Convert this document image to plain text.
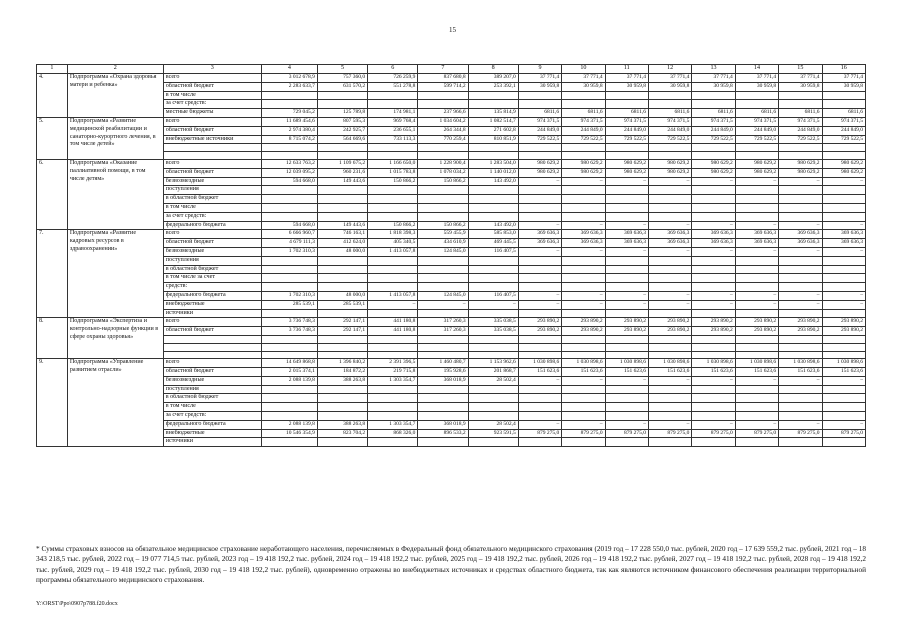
15
1	2	3	4	5	6	7	8	9	10	11	12	13	14	15	16
4.	Подпрограмма «Охрана здоровья матери и ребенка»	всего	3 012 678,9	757 360,0	726 259,9	837 680,8	389 207,0	37 771,4	37 771,4	37 771,4	37 771,4	37 771,4	37 771,4	37 771,4	37 771,4
		областной бюджет	2 283 633,7	631 570,2	551 278,8	599 714,2	253 392,1	30 959,8	30 959,8	30 959,8	30 959,8	30 959,8	30 959,8	30 959,8	30 959,8
		в том числе													
		за счет средств:													
		местные бюджеты	729 045,2	125 789,8	174 981,1	237 966,6	135 814,9	6811,6	6811,6	6811,6	6811,6	6811,6	6811,6	6811,6	6811,6
5.	Подпрограмма «Развитие медицинской реабилитации и санаторно-курортного лечения, в том числе детей»	всего	11 689 454,6	807 595,3	969 768,4	1 034 604,2	1 082 514,7	974 371,5	974 371,5	974 371,5	974 371,5	974 371,5	974 371,5	974 371,5	974 371,5
		областной бюджет	2 974 380,4	242 925,7	236 655,1	264 344,8	271 602,8	244 849,0	244 849,0	244 849,0	244 849,0	244 849,0	244 849,0	244 849,0	244 849,0
		внебюджетные источники	8 715 074,2	564 669,6	733 113,3	770 259,4	810 851,9	729 522,5	729 522,5	729 522,5	729 522,5	729 522,5	729 522,5	729 522,5	729 522,5

6.	Подпрограмма «Оказание паллиативной помощи, в том числе детям»	всего	12 633 763,2	1 109 675,2	1 166 650,0	1 228 900,4	1 283 504,0	980 629,2	980 629,2	980 629,2	980 629,2	980 629,2	980 629,2	980 629,2	980 629,2
		областной бюджет	12 039 095,2	960 231,6	1 015 783,8	1 078 034,2	1 140 012,0	980 629,2	980 629,2	980 629,2	980 629,2	980 629,2	980 629,2	980 629,2	980 629,2
		безвозмездные	594 668,0	149 443,6	150 866,2	150 866,2	143 492,0	–	–	–	–	–	–	–	–
		поступления													
		в областной бюджет													
		в том числе													
		за счет средств:													
		федерального бюджета	594 668,0	149 443,6	150 866,2	150 866,2	143 492,0	–	–	–	–	–	–	–	–
7.	Подпрограмма «Развитие кадровых ресурсов в здравоохранении»	всего	6 666 960,7	746 163,1	1 818 398,3	559 455,9	585 853,0	369 636,3	369 636,3	369 636,3	369 636,3	369 636,3	369 636,3	369 636,3	369 636,3
		областной бюджет	4 679 111,3	412 624,0	405 340,5	434 610,9	469 445,5	369 636,3	369 636,3	369 636,3	369 636,3	369 636,3	369 636,3	369 636,3	369 636,3
		безвозмездные	1 702 310,3	48 000,0	1 413 057,8	124 845,0	116 407,5	–	–	–	–	–	–	–	–
		поступления													
		в областной бюджет													
		в том числе за счет													
		средств:													
		федерального бюджета	1 702 310,3	48 000,0	1 413 057,8	124 845,0	116 407,5	–	–	–	–	–	–	–	–
		внебюджетные	285 539,1	285 539,1	–	–	–	–	–	–	–	–	–	–	–
		источники													
8.	Подпрограмма «Экспертиза и контрольно-надзорные функции в сфере охраны здоровья»	всего	3 736 748,3	292 147,1	441 180,8	317 260,3	335 038,5	293 890,2	293 890,2	293 890,2	293 890,2	293 890,2	293 890,2	293 890,2	293 890,2
		областной бюджет	3 736 748,3	292 147,1	441 180,8	317 260,3	335 038,5	293 890,2	293 890,2	293 890,2	293 890,2	293 890,2	293 890,2	293 890,2	293 890,2

9.	Подпрограмма «Управление развитием отрасли»	всего	14 649 868,8	1 396 840,2	2 391 396,5	1 460 480,7	1 153 962,6	1 030 898,6	1 030 898,6	1 030 898,6	1 030 898,6	1 030 898,6	1 030 898,6	1 030 898,6	1 030 898,6
		областной бюджет	2 015 374,1	184 872,2	219 715,8	195 928,6	201 868,7	151 623,6	151 623,6	151 623,6	151 623,6	151 623,6	151 623,6	151 623,6	151 623,6
		безвозмездные	2 088 139,8	388 263,8	1 303 354,7	368 018,9	28 502,4	–	–	–	–	–	–	–	–
		поступления													
		в областной бюджет													
		в том числе													
		за счет средств:													
		федерального бюджета	2 088 139,8	388 263,8	1 303 354,7	368 018,9	28 502,4	–	–	–	–	–	–	–	–
		внебюджетные	10 546 354,9	823 704,2	868 326,0	896 533,2	923 591,5	879 275,0	879 275,0	879 275,0	879 275,0	879 275,0	879 275,0	879 275,0	879 275,0
		источники													
* Суммы страховых взносов на обязательное медицинское страхование неработающего населения, перечисляемых в Федеральный фонд обязательного медицинского страхования (2019 год – 17 228 550,0 тыс. рублей, 2020 год – 17 639 559,2 тыс. рублей, 2021 год – 18 343 218,5 тыс. рублей, 2022 год – 19 077 714,5 тыс. рублей, 2023 год – 19 418 192,2 тыс. рублей, 2024 год – 19 418 192,2 тыс. рублей, 2025 год – 19 418 192,2 тыс. рублей, 2026 год – 19 418 192,2 тыс. рублей, 2027 год – 19 418 192,2 тыс. рублей, 2028 год – 19 418 192,2 тыс. рублей, 2029 год – 19 418 192,2 тыс. рублей, 2030 год – 19 418 192,2 тыс. рублей), одновременно отражены во внебюджетных источниках и средствах областного бюджета, так как являются источником финансового обеспечения реализации территориальной программы обязательного медицинского страхования.
Y:\ORST\Ppo\0907p788.f20.docx
